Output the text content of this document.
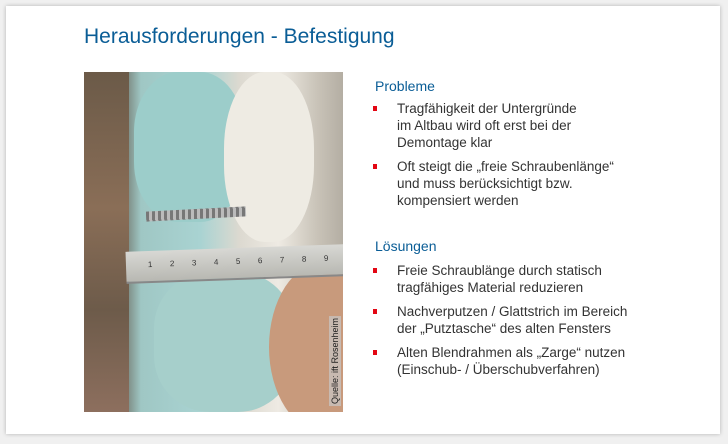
Herausforderungen - Befestigung
1 2 3 4 5 6 7 8 9
Quelle: ift Rosenheim
Probleme
Tragfähigkeit der Untergründe im Altbau wird oft erst bei der Demontage klar
Oft steigt die „freie Schraubenlänge“ und muss berücksichtigt bzw. kompensiert werden
Lösungen
Freie Schraublänge durch statisch tragfähiges Material reduzieren
Nachverputzen / Glattstrich im Bereich der „Putztasche“ des alten Fensters
Alten Blendrahmen als „Zarge“ nutzen (Einschub- / Überschubverfahren)
